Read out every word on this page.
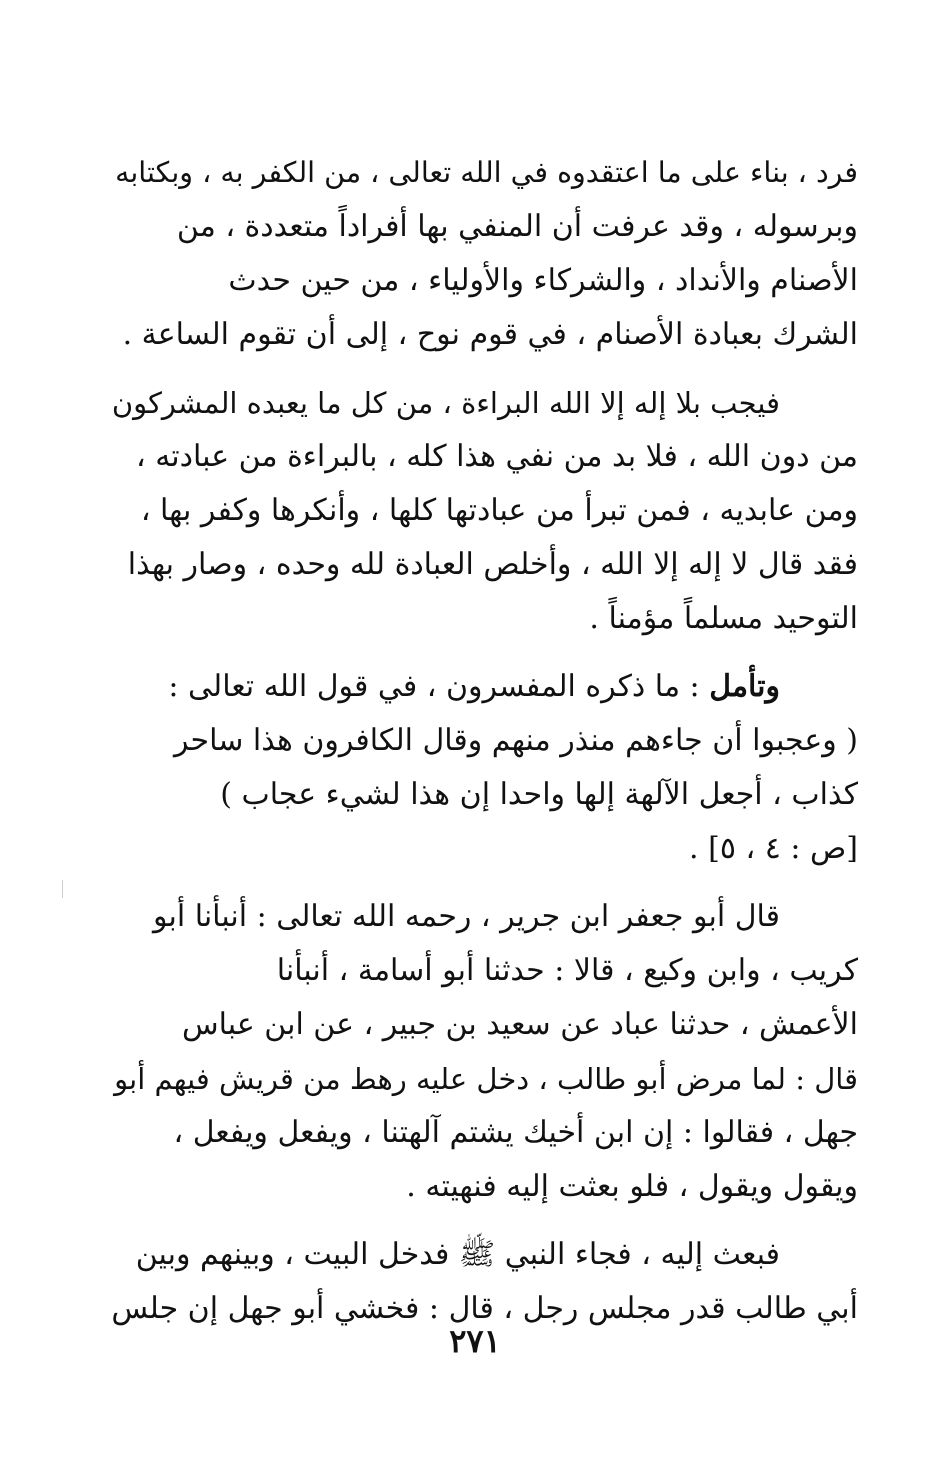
فرد ، بناء على ما اعتقدوه في الله تعالى ، من الكفر به ، وبكتابه
وبرسوله ، وقد عرفت أن المنفي بها أفراداً متعددة ، من
الأصنام والأنداد ، والشركاء والأولياء ، من حين حدث
الشرك بعبادة الأصنام ، في قوم نوح ، إلى أن تقوم الساعة .

فيجب بلا إله إلا الله البراءة ، من كل ما يعبده المشركون
من دون الله ، فلا بد من نفي هذا كله ، بالبراءة من عبادته ،
ومن عابديه ، فمن تبرأ من عبادتها كلها ، وأنكرها وكفر بها ،
فقد قال لا إله إلا الله ، وأخلص العبادة لله وحده ، وصار بهذا
التوحيد مسلماً مؤمناً .

وتأمل : ما ذكره المفسرون ، في قول الله تعالى :
( وعجبوا أن جاءهم منذر منهم وقال الكافرون هذا ساحر
كذاب ، أجعل الآلهة إلها واحدا إن هذا لشيء عجاب )
[ص : ٤ ، ٥] .

قال أبو جعفر ابن جرير ، رحمه الله تعالى : أنبأنا أبو
كريب ، وابن وكيع ، قالا : حدثنا أبو أسامة ، أنبأنا
الأعمش ، حدثنا عباد عن سعيد بن جبير ، عن ابن عباس
قال : لما مرض أبو طالب ، دخل عليه رهط من قريش فيهم أبو
جهل ، فقالوا : إن ابن أخيك يشتم آلهتنا ، ويفعل ويفعل ،
ويقول ويقول ، فلو بعثت إليه فنهيته .

فبعث إليه ، فجاء النبي ﷺ فدخل البيت ، وبينهم وبين
أبي طالب قدر مجلس رجل ، قال : فخشي أبو جهل إن جلس

٢٧١
